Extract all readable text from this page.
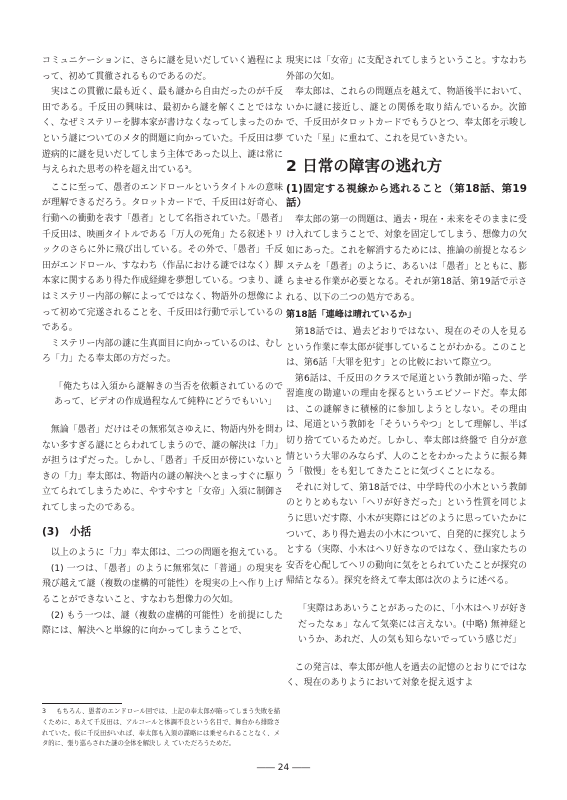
コミュニケーションに、さらに謎を見いだしていく過程によって、初めて貫徹されるものであるのだ。

実はこの貫徹に最も近く、最も謎から自由だったのが千反田である。千反田の興味は、最初から謎を解くことではなく、なぜミステリーを脚本家が書けなくなってしまったのかという謎についてのメタ的問題に向かっていた。千反田は夢遊病的に謎を見いだしてしまう主体であった以上、謎は常に与えられた思考の枠を超え出ている³。

ここに至って、愚者のエンドロールというタイトルの意味が理解できるだろう。タロットカードで、千反田は好奇心、行動への衝動を表す「愚者」として名指されていた。「愚者」千反田は、映画タイトルである「万人の死角」たる叙述トリックのさらに外に飛び出している。その外で、「愚者」千反田がエンドロール、すなわち（作品における謎ではなく）脚本家に関するあり得た作成経緯を夢想している。つまり、謎はミステリー内部の解によってではなく、物語外の想像によって初めて完遂されることを、千反田は行動で示しているのである。

ミステリー内部の謎に生真面目に向かっているのは、むしろ「力」たる奉太郎の方だった。

「俺たちは入須から謎解きの当否を依頼されているのであって、ビデオの作成過程なんて純粋にどうでもいい」

無論「愚者」だけはその無邪気さゆえに、物語内外を問わない多すぎる謎にとらわれてしまうので、謎の解決は「力」が担うはずだった。しかし、「愚者」千反田が傍にいないときの「力」奉太郎は、物語内の謎の解決へとまっすぐに駆り立てられてしまうために、やすやすと「女帝」入須に制御されてしまったのである。

(3)　小括

以上のように「力」奉太郎は、二つの問題を抱えている。

(1) 一つは、「愚者」のように無邪気に「普通」の現実を飛び越えて謎（複数の虚構的可能性）を現実の上へ作り上げることができないこと、すなわち想像力の欠如。

(2) もう一つは、謎（複数の虚構的可能性）を前提にした際には、解決へと単線的に向かってしまうことで、

3 もちろん、愚者のエンドロール回では、上記の奉太郎が陥ってしまう失敗を描くために、あえて千反田は、アルコールと体調不良という名目で、舞台から排除されていた。仮に千反田がいれば、奉太郎も入須の謀略には乗せられることなく、メタ的に、張り巡らされた謎の全体を解決し え ていただろうためだ。

現実には「女帝」に支配されてしまうということ。すなわち外部の欠如。

奉太郎は、これらの問題点を越えて、物語後半において、いかに謎に接近し、謎との関係を取り結んでいるか。次節で、千反田がタロットカードでもうひとつ、奉太郎を示唆していた「星」に重ねて、これを見ていきたい。

2 日常の障害の逃れ方
(1)固定する視線から逃れること（第18話、第19話）

奉太郎の第一の問題は、過去・現在・未来をそのままに受け入れてしまうことで、対象を固定してしまう、想像力の欠如にあった。これを解消するためには、推論の前提となるシステムを「愚者」のように、あるいは「愚者」とともに、膨らませる作業が必要となる。それが第18話、第19話で示される、以下の二つの処方である。

第18話「連峰は晴れているか」

第18話では、過去どおりではない、現在のその人を見るという作業に奉太郎が従事していることがわかる。このことは、第6話「大罪を犯す」との比較において際立つ。

第6話は、千反田のクラスで尾道という教師が陥った、学習進度の勘違いの理由を探るというエピソードだ。奉太郎は、この謎解きに積極的に参加しようとしない。その理由は、尾道という教師を「そういうやつ」として理解し、半ば切り捨てているためだ。しかし、奉太郎は終盤で 自分が意情という大罪のみならず、人のことをわかったように振る舞う「傲慢」をも犯してきたことに気づくことになる。

それに対して、第18話では、中学時代の小木という教師のとりとめもない「ヘリが好きだった」という性質を同じように思いだす際、小木が実際にはどのように思っていたかについて、あり得た過去の小木について、自発的に探究しようとする（実際、小木はヘリ好きなのではなく、登山家たちの安否を心配してヘリの動向に気をとられていたことが探究の帰結となる）。探究を終えて奉太郎は次のように述べる。

「実際はああいうことがあったのに、「小木はヘリが好きだったなぁ」なんて気楽には言えない。(中略) 無神経というか、あれだ、人の気も知らないでっていう感じだ」

この発言は、奉太郎が他人を過去の記憶のとおりにではなく、現在のありようにおいて対象を捉え返すよ

―― 24 ――
